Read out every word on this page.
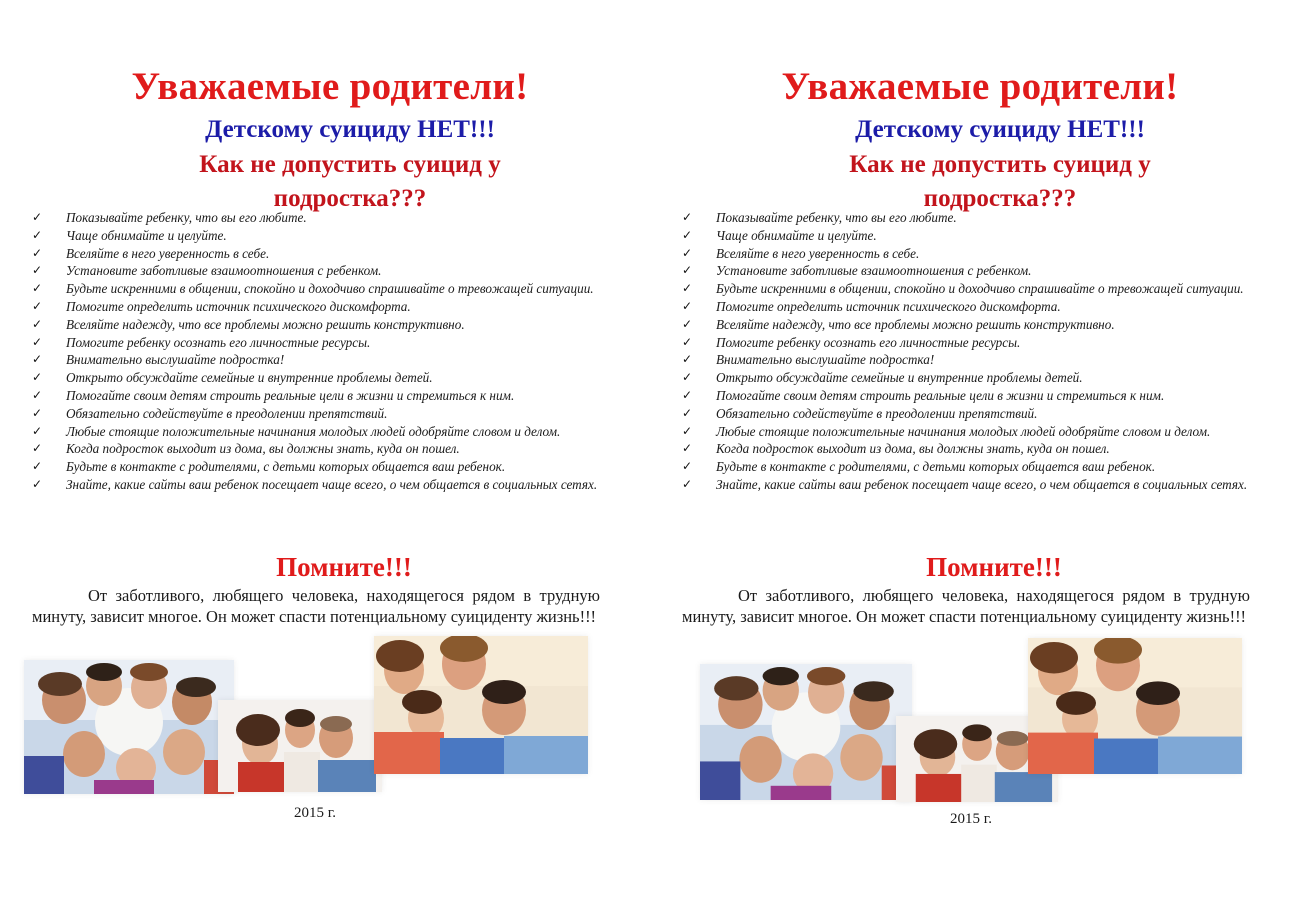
Уважаемые родители!
Детскому суициду НЕТ!!!
Как не допустить суицид у подростка???
✓ Показывайте ребенку, что вы его любите.
✓ Чаще обнимайте и целуйте.
✓ Вселяйте в него уверенность в себе.
✓ Установите заботливые взаимоотношения с ребенком.
✓ Будьте искренними в общении, спокойно и доходчиво спрашивайте о тревожащей ситуации.
✓ Помогите определить источник психического дискомфорта.
✓ Вселяйте надежду, что все проблемы можно решить конструктивно.
✓ Помогите ребенку осознать его личностные ресурсы.
✓ Внимательно выслушайте подростка!
✓ Открыто обсуждайте семейные и внутренние проблемы детей.
✓ Помогайте своим детям строить реальные цели в жизни и стремиться к ним.
✓ Обязательно содействуйте в преодолении препятствий.
✓ Любые стоящие положительные начинания молодых людей одобряйте словом и делом.
✓ Когда подросток выходит из дома, вы должны знать, куда он пошел.
✓ Будьте в контакте с родителями, с детьми которых общается ваш ребенок.
✓ Знайте, какие сайты ваш ребенок посещает чаще всего, о чем общается в социальных сетях.
Помните!!!

От заботливого, любящего человека, находящегося рядом в трудную минуту, зависит многое. Он может спасти потенциальному суициденту жизнь!!!

2015 г.
Уважаемые родители!
Детскому суициду НЕТ!!!
Как не допустить суицид у подростка???
✓ Показывайте ребенку, что вы его любите.
✓ Чаще обнимайте и целуйте.
✓ Вселяйте в него уверенность в себе.
✓ Установите заботливые взаимоотношения с ребенком.
✓ Будьте искренними в общении, спокойно и доходчиво спрашивайте о тревожащей ситуации.
✓ Помогите определить источник психического дискомфорта.
✓ Вселяйте надежду, что все проблемы можно решить конструктивно.
✓ Помогите ребенку осознать его личностные ресурсы.
✓ Внимательно выслушайте подростка!
✓ Открыто обсуждайте семейные и внутренние проблемы детей.
✓ Помогайте своим детям строить реальные цели в жизни и стремиться к ним.
✓ Обязательно содействуйте в преодолении препятствий.
✓ Любые стоящие положительные начинания молодых людей одобряйте словом и делом.
✓ Когда подросток выходит из дома, вы должны знать, куда он пошел.
✓ Будьте в контакте с родителями, с детьми которых общается ваш ребенок.
✓ Знайте, какие сайты ваш ребенок посещает чаще всего, о чем общается в социальных сетях.
Помните!!!

От заботливого, любящего человека, находящегося рядом в трудную минуту, зависит многое. Он может спасти потенциальному суициденту жизнь!!!

2015 г.
